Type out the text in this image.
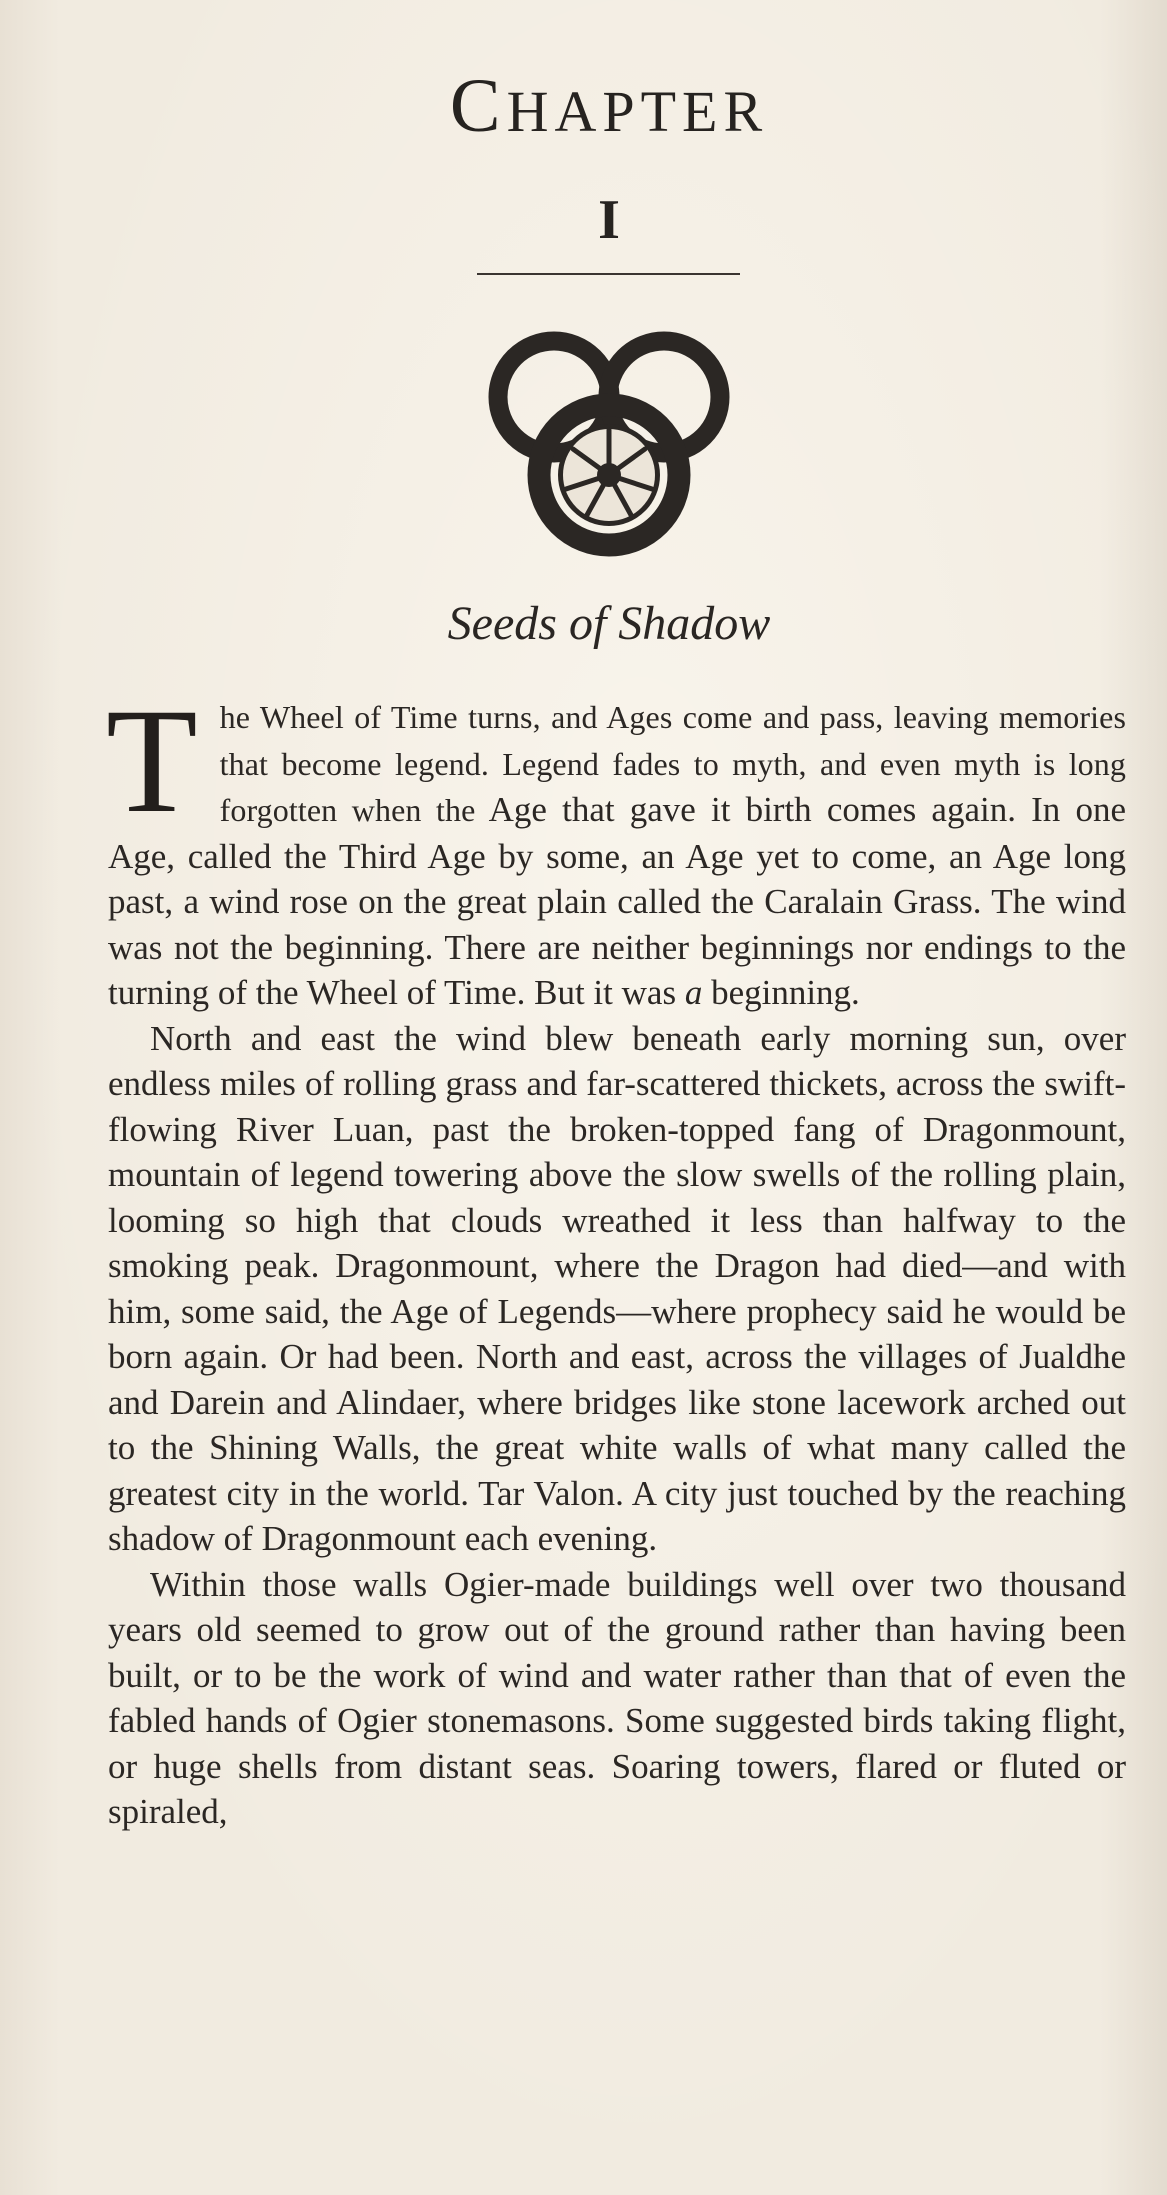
CHAPTER
I
Seeds of Shadow

The Wheel of Time turns, and Ages come and pass, leaving memories that become legend. Legend fades to myth, and even myth is long forgotten when the Age that gave it birth comes again. In one Age, called the Third Age by some, an Age yet to come, an Age long past, a wind rose on the great plain called the Caralain Grass. The wind was not the beginning. There are neither beginnings nor endings to the turning of the Wheel of Time. But it was a beginning.

North and east the wind blew beneath early morning sun, over endless miles of rolling grass and far-scattered thickets, across the swift-flowing River Luan, past the broken-topped fang of Dragonmount, mountain of legend towering above the slow swells of the rolling plain, looming so high that clouds wreathed it less than halfway to the smoking peak. Dragonmount, where the Dragon had died—and with him, some said, the Age of Legends—where prophecy said he would be born again. Or had been. North and east, across the villages of Jualdhe and Darein and Alindaer, where bridges like stone lacework arched out to the Shining Walls, the great white walls of what many called the greatest city in the world. Tar Valon. A city just touched by the reaching shadow of Dragonmount each evening.

Within those walls Ogier-made buildings well over two thousand years old seemed to grow out of the ground rather than having been built, or to be the work of wind and water rather than that of even the fabled hands of Ogier stonemasons. Some suggested birds taking flight, or huge shells from distant seas. Soaring towers, flared or fluted or spiraled,
